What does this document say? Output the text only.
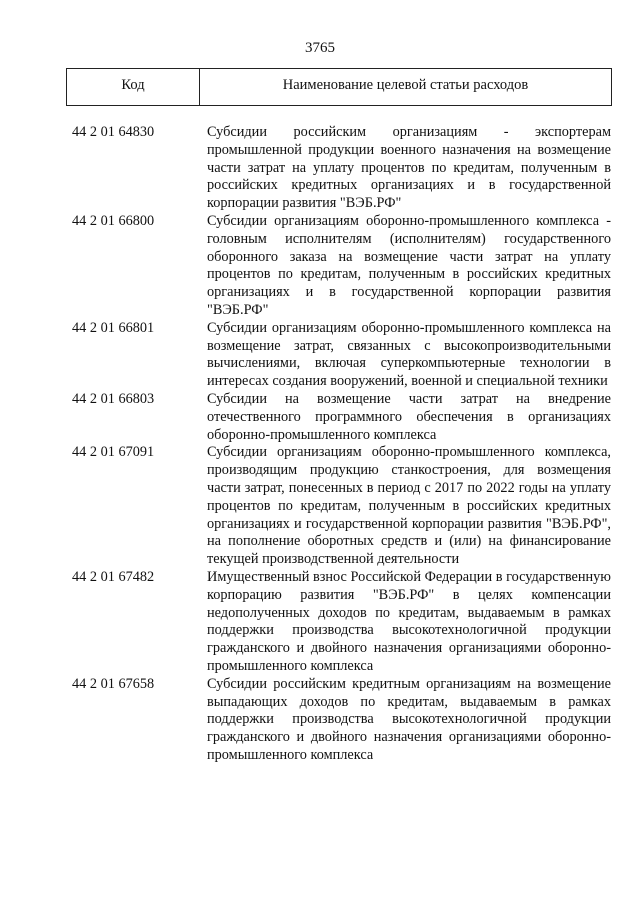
3765
Код	Наименование целевой статьи расходов
44 2 01 64830	Субсидии российским организациям - экспортерам промышленной продукции военного назначения на возмещение части затрат на уплату процентов по кредитам, полученным в российских кредитных организациях и в государственной корпорации развития "ВЭБ.РФ"
44 2 01 66800	Субсидии организациям оборонно-промышленного комплекса - головным исполнителям (исполнителям) государственного оборонного заказа на возмещение части затрат на уплату процентов по кредитам, полученным в российских кредитных организациях и в государственной корпорации развития "ВЭБ.РФ"
44 2 01 66801	Субсидии организациям оборонно-промышленного комплекса на возмещение затрат, связанных с высокопроизводительными вычислениями, включая суперкомпьютерные технологии в интересах создания вооружений, военной и специальной техники
44 2 01 66803	Субсидии на возмещение части затрат на внедрение отечественного программного обеспечения в организациях оборонно-промышленного комплекса
44 2 01 67091	Субсидии организациям оборонно-промышленного комплекса, производящим продукцию станкостроения, для возмещения части затрат, понесенных в период с 2017 по 2022 годы на уплату процентов по кредитам, полученным в российских кредитных организациях и государственной корпорации развития "ВЭБ.РФ", на пополнение оборотных средств и (или) на финансирование текущей производственной деятельности
44 2 01 67482	Имущественный взнос Российской Федерации в государственную корпорацию развития "ВЭБ.РФ" в целях компенсации недополученных доходов по кредитам, выдаваемым в рамках поддержки производства высокотехнологичной продукции гражданского и двойного назначения организациями оборонно-промышленного комплекса
44 2 01 67658	Субсидии российским кредитным организациям на возмещение выпадающих доходов по кредитам, выдаваемым в рамках поддержки производства высокотехнологичной продукции гражданского и двойного назначения организациями оборонно-промышленного комплекса
